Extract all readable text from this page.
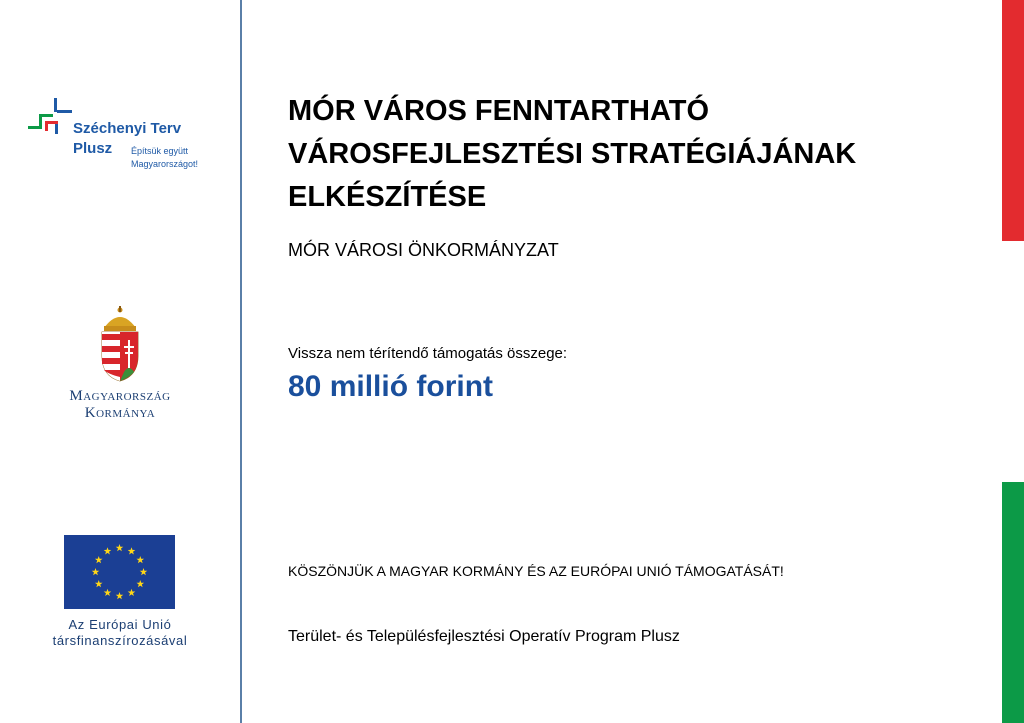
Széchenyi Terv
Plusz Építsük együtt
Magyarországot!
Magyarország
Kormánya
Az Európai Unió
társfinanszírozásával
MÓR VÁROS FENNTARTHATÓ VÁROSFEJLESZTÉSI STRATÉGIÁJÁNAK ELKÉSZÍTÉSE

MÓR VÁROSI ÖNKORMÁNYZAT

Vissza nem térítendő támogatás összege:

80 millió forint

KÖSZÖNJÜK A MAGYAR KORMÁNY ÉS AZ EURÓPAI UNIÓ TÁMOGATÁSÁT!

Terület- és Településfejlesztési Operatív Program Plusz
